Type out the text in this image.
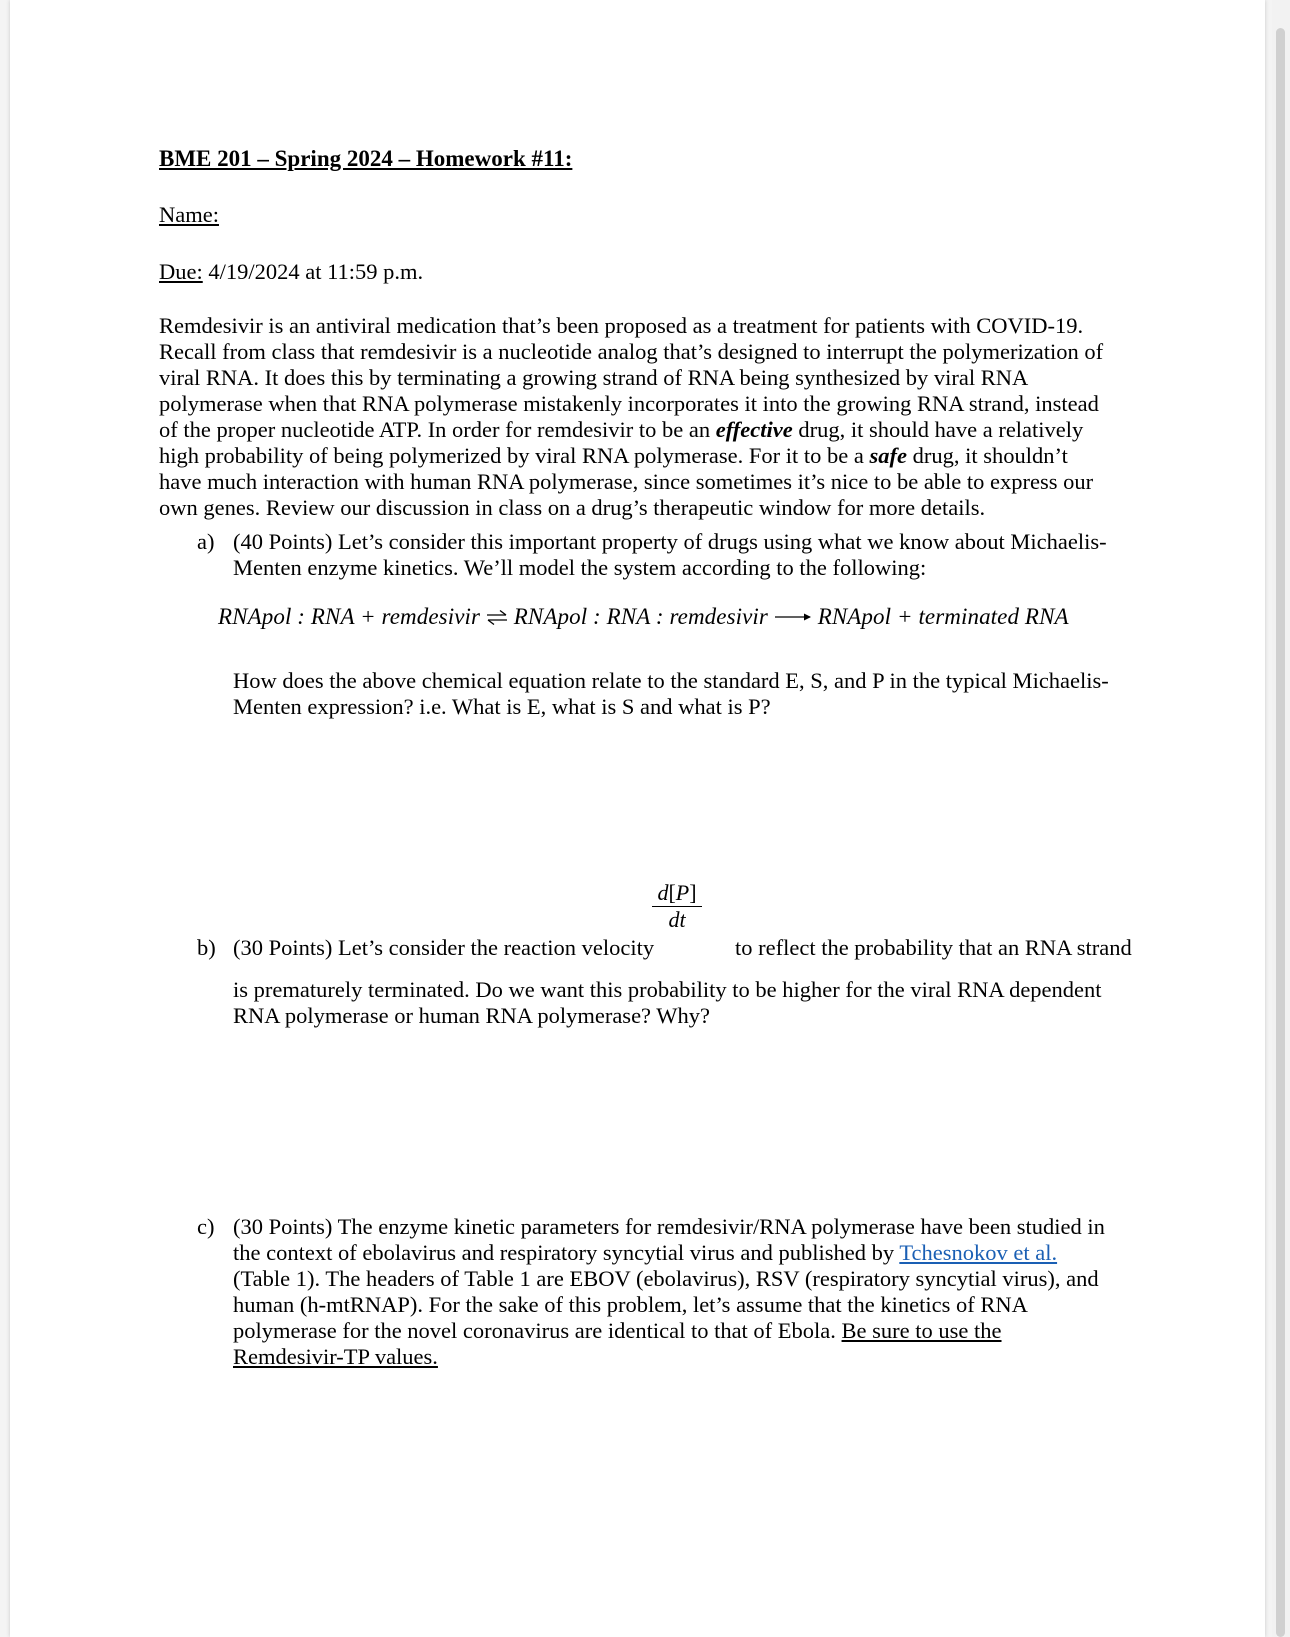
BME 201 – Spring 2024 – Homework #11:
Name:
Due: 4/19/2024 at 11:59 p.m.

Remdesivir is an antiviral medication that’s been proposed as a treatment for patients with COVID-19.
Recall from class that remdesivir is a nucleotide analog that’s designed to interrupt the polymerization of
viral RNA. It does this by terminating a growing strand of RNA being synthesized by viral RNA
polymerase when that RNA polymerase mistakenly incorporates it into the growing RNA strand, instead
of the proper nucleotide ATP. In order for remdesivir to be an effective drug, it should have a relatively
high probability of being polymerized by viral RNA polymerase. For it to be a safe drug, it shouldn’t
have much interaction with human RNA polymerase, since sometimes it’s nice to be able to express our
own genes. Review our discussion in class on a drug’s therapeutic window for more details.

a) (40 Points) Let’s consider this important property of drugs using what we know about Michaelis-
Menten enzyme kinetics. We’ll model the system according to the following:

RNApol : RNA + remdesivir ⇌ RNApol : RNA : remdesivir RNApol + terminated RNA

How does the above chemical equation relate to the standard E, S, and P in the typical Michaelis-
Menten expression? i.e. What is E, what is S and what is P?

b) (30 Points) Let’s consider the reaction velocity
d[P]
dt
to reflect the probability that an RNA strand

is prematurely terminated. Do we want this probability to be higher for the viral RNA dependent
RNA polymerase or human RNA polymerase? Why?

c) (30 Points) The enzyme kinetic parameters for remdesivir/RNA polymerase have been studied in
the context of ebolavirus and respiratory syncytial virus and published by Tchesnokov et al.
(Table 1). The headers of Table 1 are EBOV (ebolavirus), RSV (respiratory syncytial virus), and
human (h-mtRNAP). For the sake of this problem, let’s assume that the kinetics of RNA
polymerase for the novel coronavirus are identical to that of Ebola. Be sure to use the
Remdesivir-TP values.
